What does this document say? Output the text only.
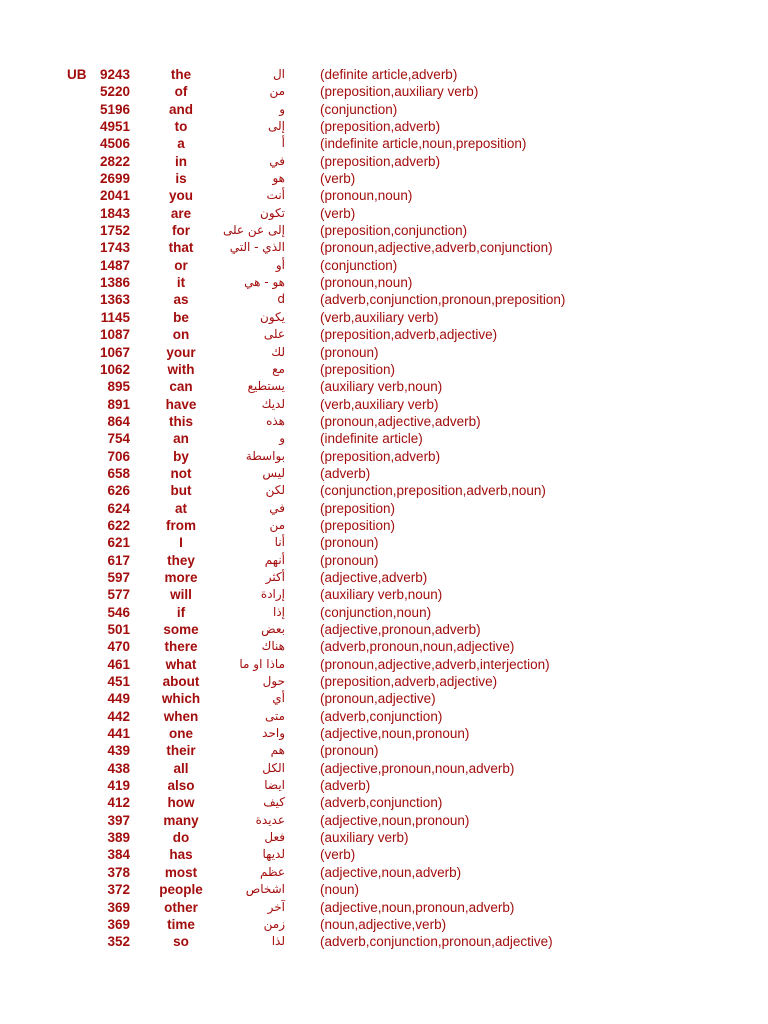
UB 9243	the	ال	(definite article,adverb)
5220	of	من	(preposition,auxiliary verb)
5196	and	و	(conjunction)
4951	to	إلى	(preposition,adverb)
4506	a	أ	(indefinite article,noun,preposition)
2822	in	في	(preposition,adverb)
2699	is	هو	(verb)
2041	you	أنت	(pronoun,noun)
1843	are	تكون	(verb)
1752	for	إلى عن على	(preposition,conjunction)
1743	that	الذي - التي	(pronoun,adjective,adverb,conjunction)
1487	or	أو	(conjunction)
1386	it	هو - هي	(pronoun,noun)
1363	as	d	(adverb,conjunction,pronoun,preposition)
1145	be	يكون	(verb,auxiliary verb)
1087	on	على	(preposition,adverb,adjective)
1067	your	لك	(pronoun)
1062	with	مع	(preposition)
895	can	يستطيع	(auxiliary verb,noun)
891	have	لديك	(verb,auxiliary verb)
864	this	هذه	(pronoun,adjective,adverb)
754	an	و	(indefinite article)
706	by	بواسطة	(preposition,adverb)
658	not	ليس	(adverb)
626	but	لكن	(conjunction,preposition,adverb,noun)
624	at	في	(preposition)
622	from	من	(preposition)
621	I	أنا	(pronoun)
617	they	أنهم	(pronoun)
597	more	أكثر	(adjective,adverb)
577	will	إرادة	(auxiliary verb,noun)
546	if	إذا	(conjunction,noun)
501	some	بعض	(adjective,pronoun,adverb)
470	there	هناك	(adverb,pronoun,noun,adjective)
461	what	ماذا او ما	(pronoun,adjective,adverb,interjection)
451	about	حول	(preposition,adverb,adjective)
449	which	أي	(pronoun,adjective)
442	when	متى	(adverb,conjunction)
441	one	واحد	(adjective,noun,pronoun)
439	their	هم	(pronoun)
438	all	الكل	(adjective,pronoun,noun,adverb)
419	also	ايضا	(adverb)
412	how	كيف	(adverb,conjunction)
397	many	عديدة	(adjective,noun,pronoun)
389	do	فعل	(auxiliary verb)
384	has	لديها	(verb)
378	most	عظم	(adjective,noun,adverb)
372	people	اشخاص	(noun)
369	other	آخر	(adjective,noun,pronoun,adverb)
369	time	زمن	(noun,adjective,verb)
352	so	لذا	(adverb,conjunction,pronoun,adjective)
